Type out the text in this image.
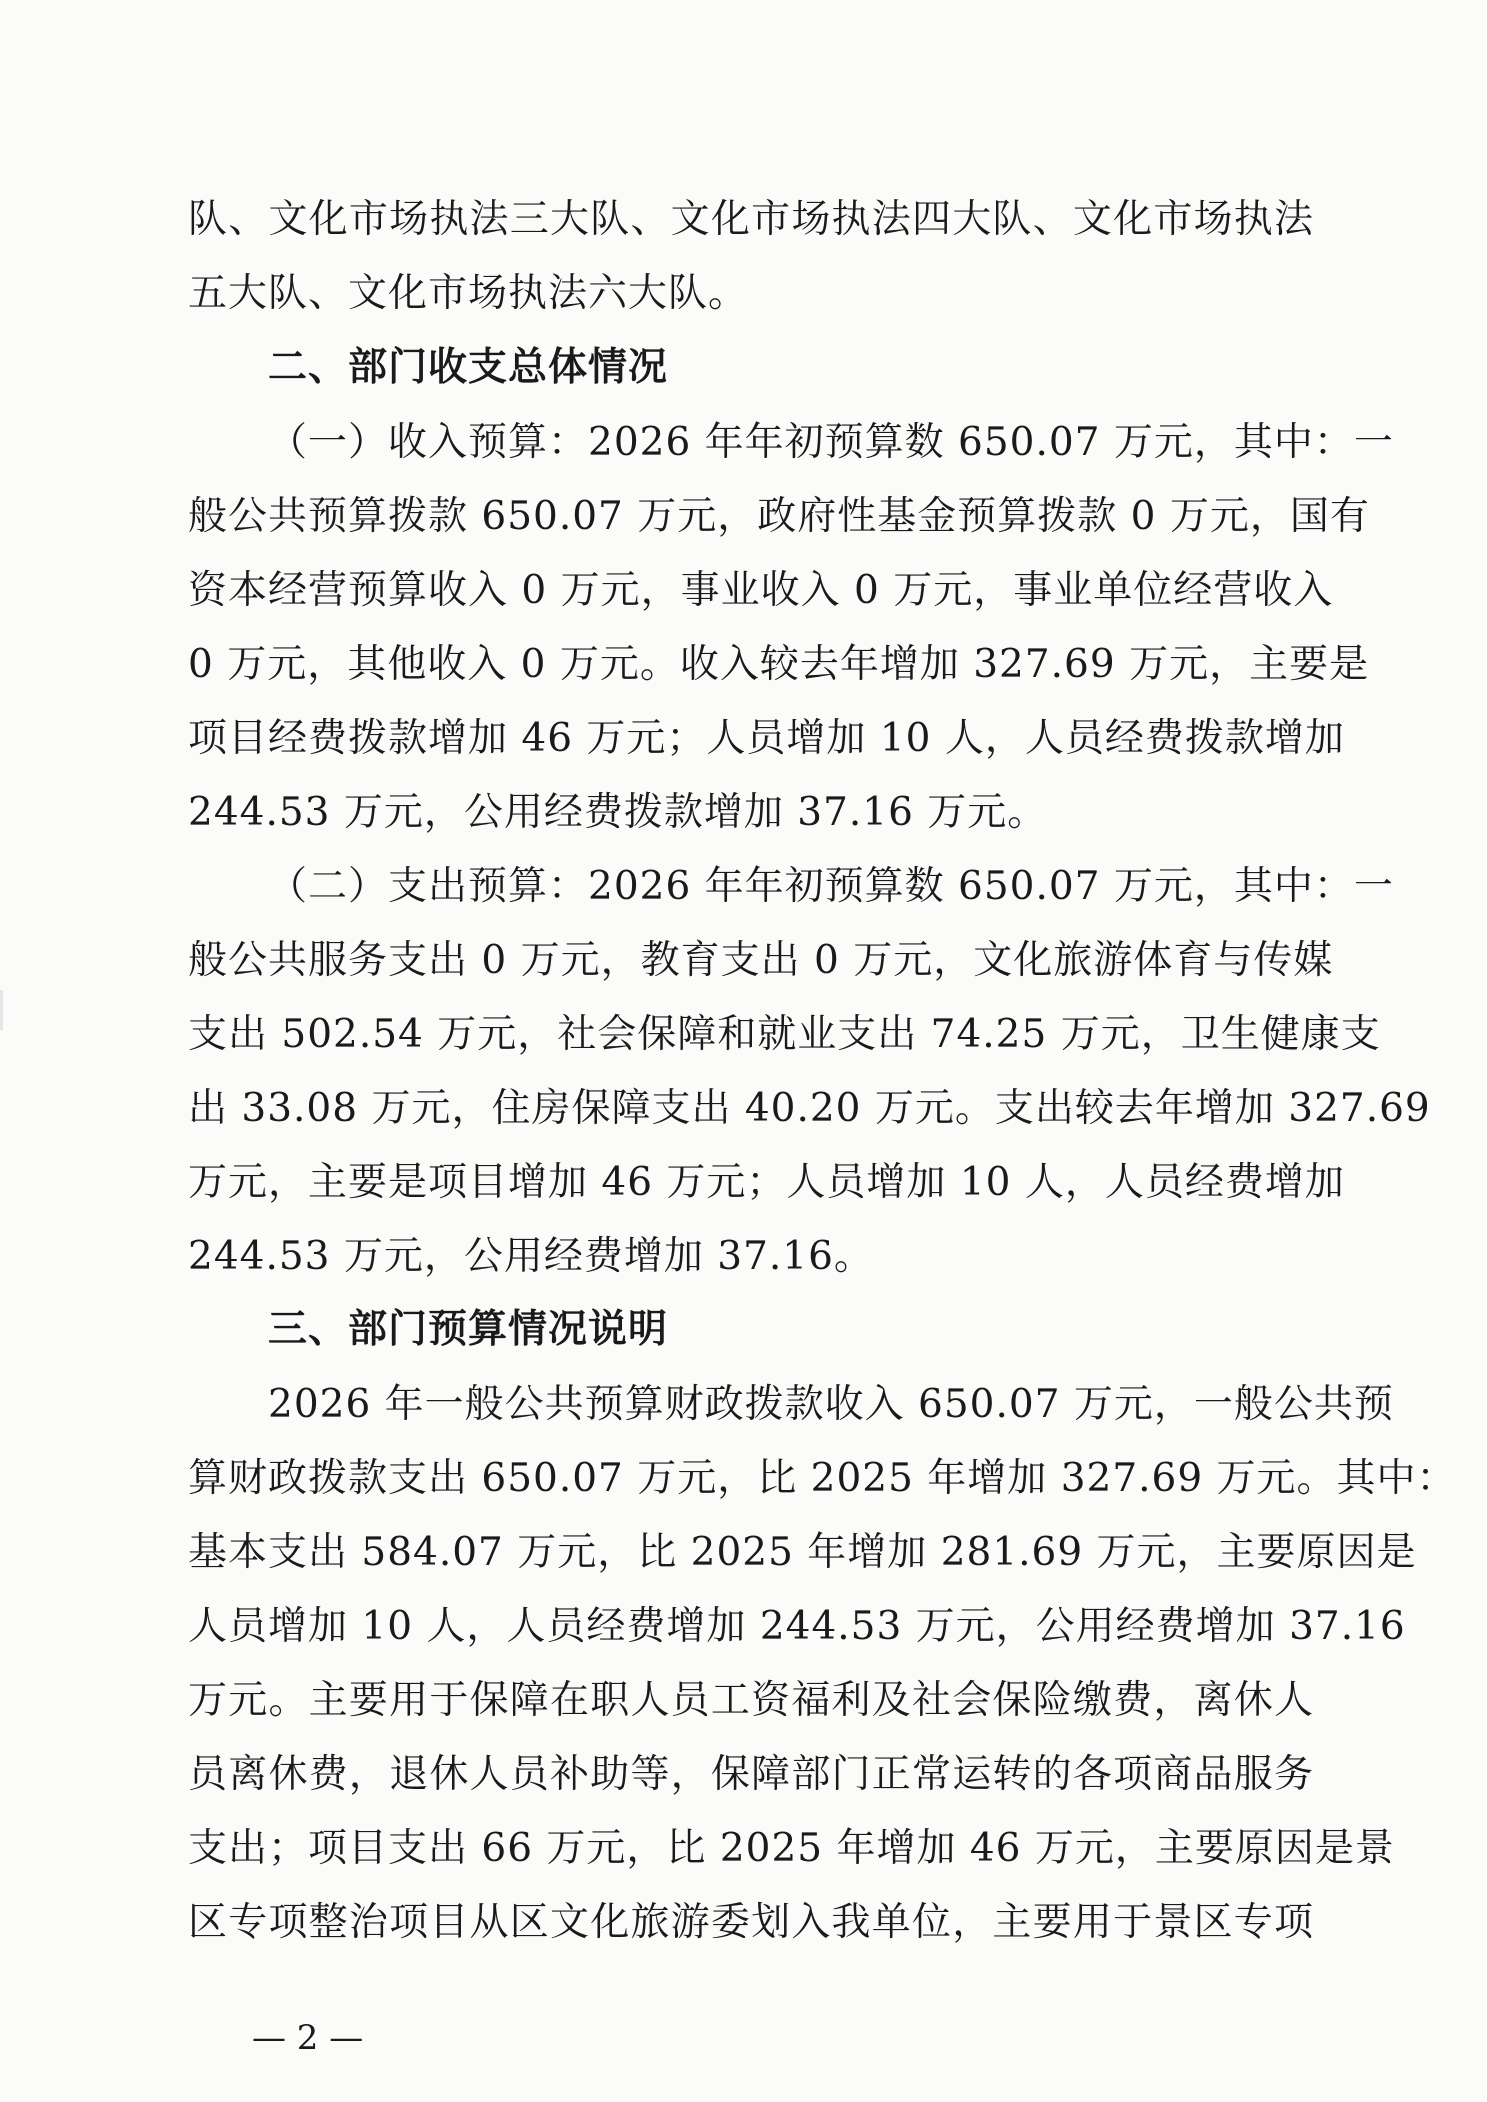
队、文化市场执法三大队、文化市场执法四大队、文化市场执法
五大队、文化市场执法六大队。
二、部门收支总体情况
（一）收入预算：2026 年年初预算数 650.07 万元，其中：一
般公共预算拨款 650.07 万元，政府性基金预算拨款 0 万元，国有
资本经营预算收入 0 万元，事业收入 0 万元，事业单位经营收入
0 万元，其他收入 0 万元。收入较去年增加 327.69 万元，主要是
项目经费拨款增加 46 万元；人员增加 10 人，人员经费拨款增加
244.53 万元，公用经费拨款增加 37.16 万元。
（二）支出预算：2026 年年初预算数 650.07 万元，其中：一
般公共服务支出 0 万元，教育支出 0 万元，文化旅游体育与传媒
支出 502.54 万元，社会保障和就业支出 74.25 万元，卫生健康支
出 33.08 万元，住房保障支出 40.20 万元。支出较去年增加 327.69
万元，主要是项目增加 46 万元；人员增加 10 人，人员经费增加
244.53 万元，公用经费增加 37.16。
三、部门预算情况说明
2026 年一般公共预算财政拨款收入 650.07 万元，一般公共预
算财政拨款支出 650.07 万元，比 2025 年增加 327.69 万元。其中：
基本支出 584.07 万元，比 2025 年增加 281.69 万元，主要原因是
人员增加 10 人，人员经费增加 244.53 万元，公用经费增加 37.16
万元。主要用于保障在职人员工资福利及社会保险缴费，离休人
员离休费，退休人员补助等，保障部门正常运转的各项商品服务
支出；项目支出 66 万元，比 2025 年增加 46 万元，主要原因是景
区专项整治项目从区文化旅游委划入我单位，主要用于景区专项
— 2 —
